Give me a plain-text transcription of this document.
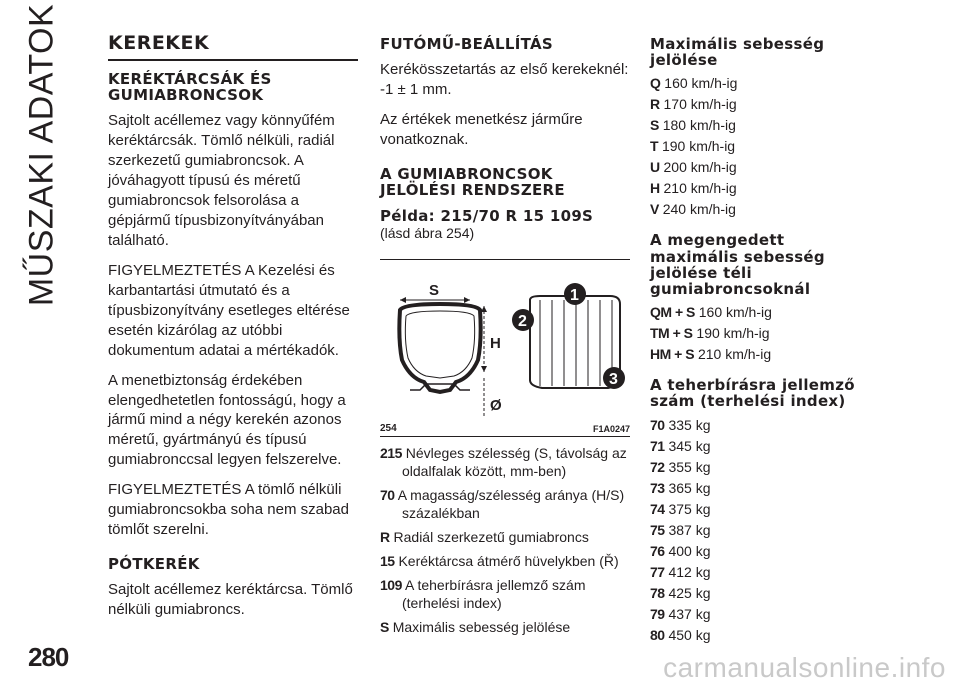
MŰSZAKI ADATOK
280	carmanualsonline.info
KEREKEK
KERÉKTÁRCSÁK ÉS GUMIABRONCSOK

Sajtolt acéllemez vagy könnyűfém keréktárcsák. Tömlő nélküli, radiál szerkezetű gumiabroncsok. A jóváhagyott típusú és méretű gumiabroncsok felsorolása a gépjármű típusbizonyítványában található.

FIGYELMEZTETÉS A Kezelési és karbantartási útmutató és a típusbizonyítvány esetleges eltérése esetén kizárólag az utóbbi dokumentum adatai a mértékadók.

A menetbiztonság érdekében elengedhetetlen fontosságú, hogy a jármű mind a négy kerekén azonos méretű, gyártmányú és típusú gumiabronccsal legyen felszerelve.

FIGYELMEZTETÉS A tömlő nélküli gumiabroncsokba soha nem szabad tömlőt szerelni.

PÓTKERÉK

Sajtolt acéllemez keréktárcsa. Tömlő nélküli gumiabroncs.

FUTÓMŰ-BEÁLLÍTÁS

Kerékösszetartás az első kerekeknél: -1 ± 1 mm.

Az értékek menetkész járműre vonatkoznak.

A GUMIABRONCSOK JELÖLÉSI RENDSZERE
Példa: 215/70 R 15 109S
(lásd ábra 254)
S
H
Ø
1
2
3
254	F1A0247
215 Névleges szélesség (S, távolság az oldalfalak között, mm-ben)
70 A magasság/szélesség aránya (H/S) százalékban
R Radiál szerkezetű gumiabroncs
15 Keréktárcsa átmérő hüvelykben (Ř)
109 A teherbírásra jellemző szám (terhelési index)
S Maximális sebesség jelölése
Maximális sebesség jelölése
Q 160 km/h-ig
R 170 km/h-ig
S 180 km/h-ig
T 190 km/h-ig
U 200 km/h-ig
H 210 km/h-ig
V 240 km/h-ig
A megengedett maximális sebesség jelölése téli gumiabroncsoknál
QM + S 160 km/h-ig
TM + S 190 km/h-ig
HM + S 210 km/h-ig
A teherbírásra jellemző szám (terhelési index)
70 335 kg
71 345 kg
72 355 kg
73 365 kg
74 375 kg
75 387 kg
76 400 kg
77 412 kg
78 425 kg
79 437 kg
80 450 kg
